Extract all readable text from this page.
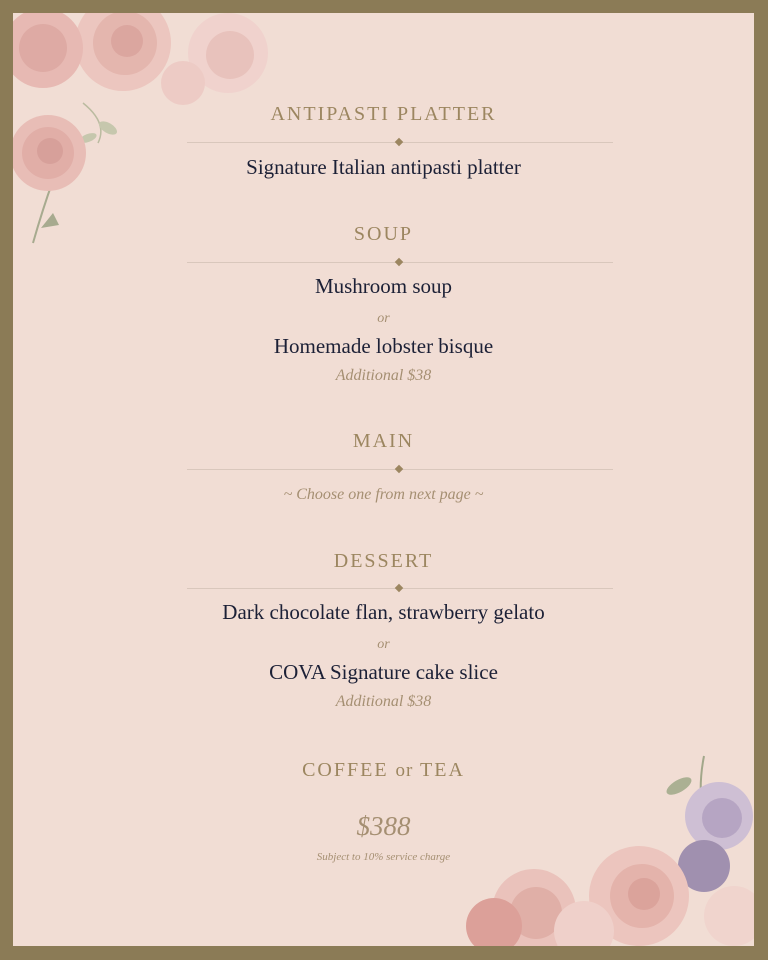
ANTIPASTI PLATTER
Signature Italian antipasti platter
SOUP
Mushroom soup
or
Homemade lobster bisque
Additional $38
MAIN
~ Choose one from next page ~
DESSERT
Dark chocolate flan, strawberry gelato
or
COVA Signature cake slice
Additional $38
COFFEE or TEA
$388
Subject to 10% service charge
